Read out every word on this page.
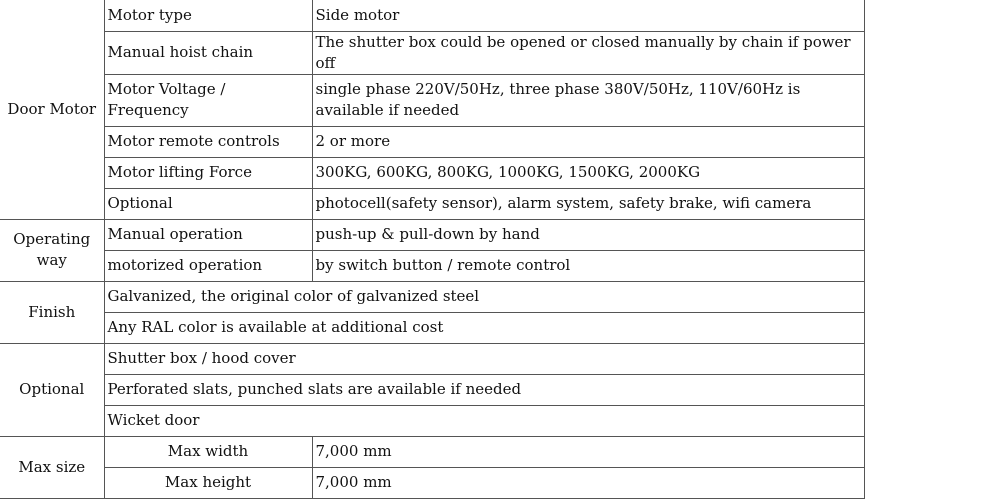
Door Motor	Motor type	Side motor
	Manual hoist chain	The shutter box could be opened or closed manually by chain if power off
	Motor Voltage / Frequency	single phase 220V/50Hz, three phase 380V/50Hz, 110V/60Hz is available if needed
	Motor remote controls	2 or more
	Motor lifting Force	300KG, 600KG, 800KG, 1000KG, 1500KG, 2000KG
	Optional	photocell(safety sensor), alarm system, safety brake, wifi camera
Operating way	Manual operation	push-up & pull-down by hand
	motorized operation	by switch button / remote control
Finish	Galvanized, the original color of galvanized steel	
	Any RAL color is available at additional cost	
Optional	Shutter box / hood cover	
	Perforated slats, punched slats are available if needed	
	Wicket door	
Max size	Max width	7,000 mm
	Max height	7,000 mm
